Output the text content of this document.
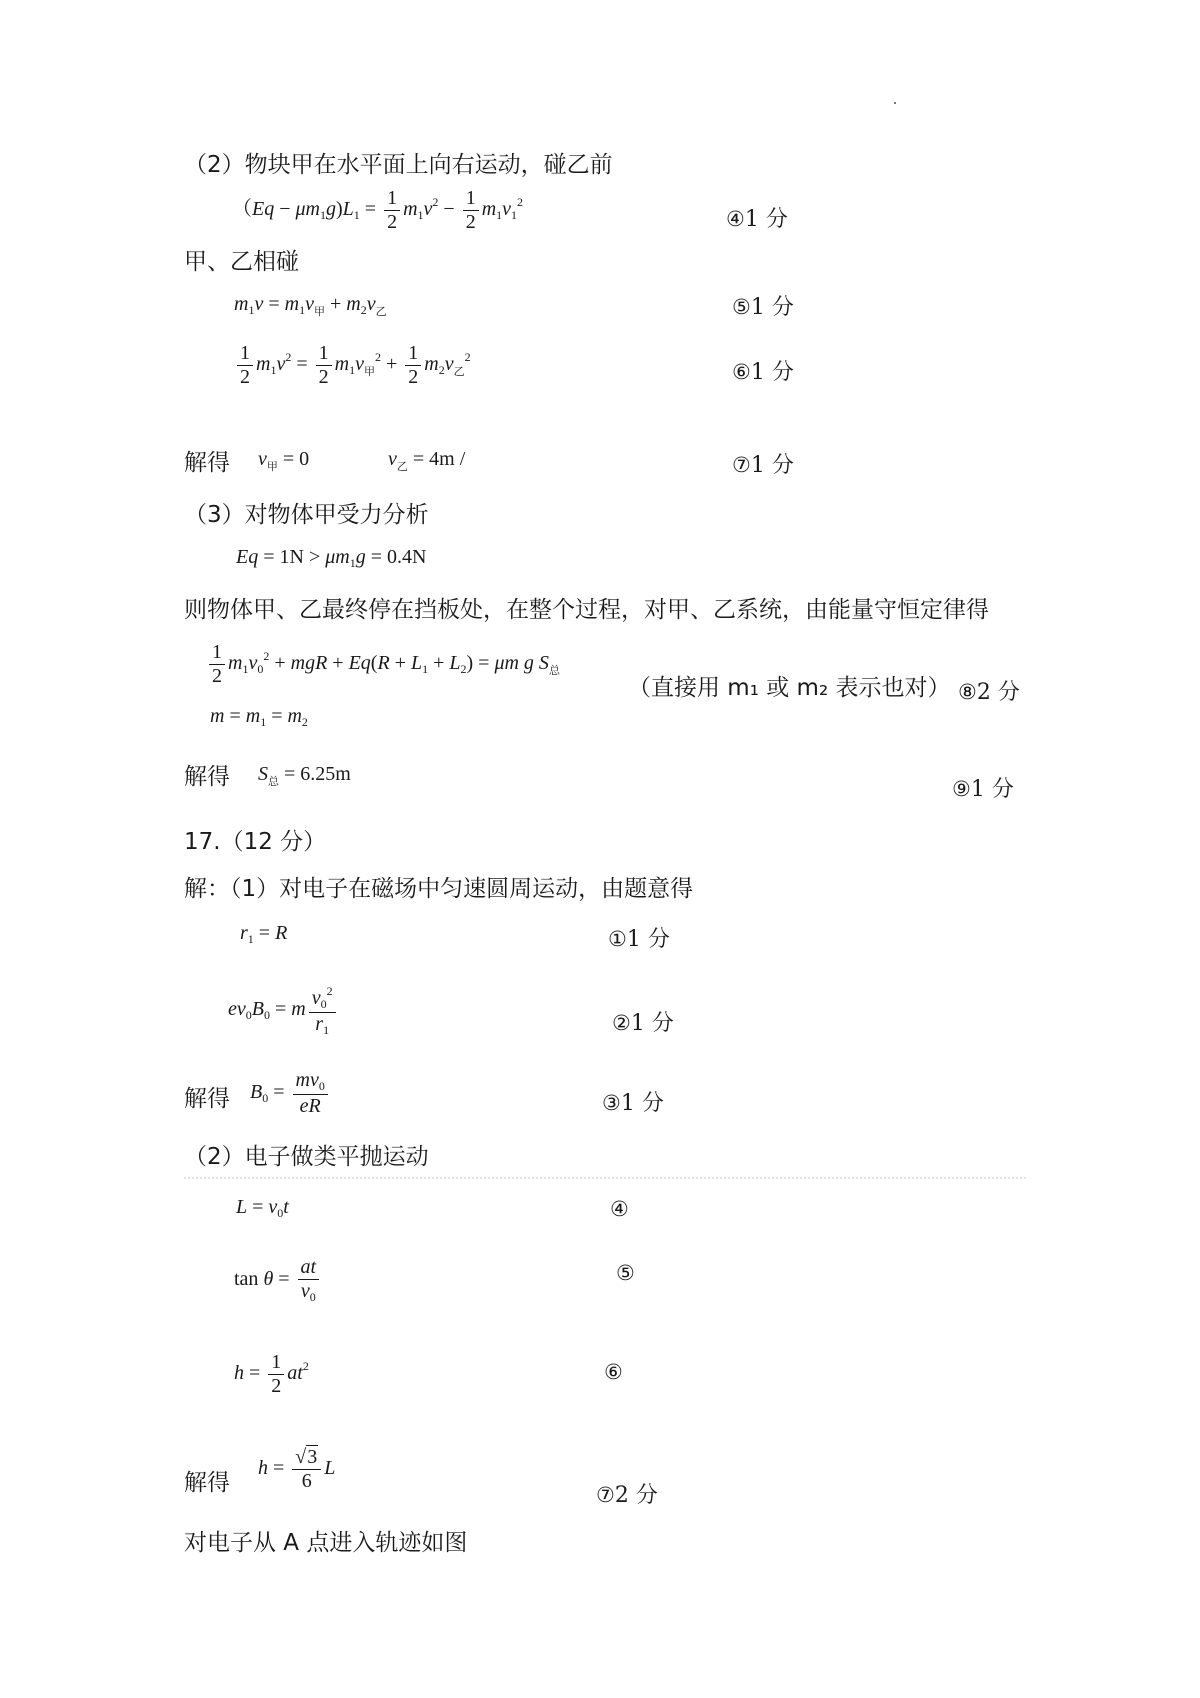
（2）物块甲在水平面上向右运动，碰乙前
$(Eq - \mu m_1g)L_1 = \frac{1}{2} m_1v^2 - \frac{1}{2} m_1v_1^2$
④1 分
甲、乙相碰
$m_1v = m_1v_甲 + m_2v_乙$	⑤1 分
$\frac{1}{2} m_1v^2 = \frac{1}{2} m_1v_甲^2 + \frac{1}{2} m_2v_乙^2$
⑥1 分
解得 $v_甲 = 0$	$v_乙 = 4m$ /	⑦1 分
（3）对物体甲受力分析
$Eq = 1N > \mu m_1g = 0.4N$
则物体甲、乙最终停在挡板处，在整个过程，对甲、乙系统，由能量守恒定律得
$\frac{1}{2} m_1v_0^2$ + mgR + $Eq(R + L_1 + L_2) = \mu m$ g $S_总$
（直接用 m₁ 或 m₂ 表示也对） ⑧2 分
$m = m_1 = m_2$
解得 $S_总 = 6.25m$
⑨1 分
17.（12 分）
解：（1）对电子在磁场中匀速圆周运动，由题意得
$r_1 = R$	①1 分
$ev_0B_0 = m \frac{v_0^2}{r_1}$	②1 分
解得 $B_0 = \frac{mv_0}{eR}$	③1 分
（2）电子做类平抛运动
$L = v_0t$	④
$\tan \theta = \frac{at}{v_0}$	⑤
$h = \frac{1}{2} at^2$	⑥
解得
$h = \frac{√3}{6}$ L
⑦2 分
对电子从 A 点进入轨迹如图
